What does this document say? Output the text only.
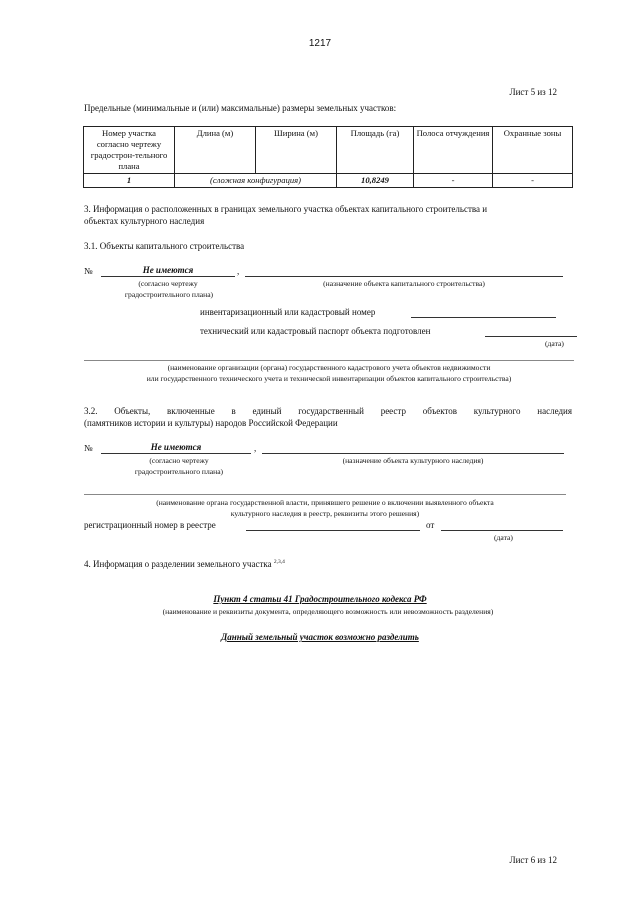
1217
Лист 5 из 12
Предельные (минимальные и (или) максимальные) размеры земельных участков:
Номер участка согласно чертежу градострон-тельного плана	Длина (м)	Ширина (м)	Площадь (га)	Полоса отчуждения	Охранные зоны
1	(сложная конфигурация)		10,8249	-	-
3. Информация о расположенных в границах земельного участка объектах капитального строительства и
объектах культурного наследия
3.1. Объекты капитального строительства
№	Не имеются	,
(согласно чертежу
градостроительного плана)
(назначение объекта капитального строительства)
инвентаризационный или кадастровый номер
технический или кадастровый паспорт объекта подготовлен
(дата)
(наименование организации (органа) государственного кадастрового учета объектов недвижимости
или государственного технического учета и технической инвентаризации объектов капитального строительства)
3.2. Объекты, включенные в единый государственный реестр объектов культурного наследия
(памятников истории и культуры) народов Российской Федерации
№	Не имеются	,
(согласно чертежу
градостроительного плана)
(назначение объекта культурного наследия)
(наименование органа государственной власти, принявшего решение о включении выявленного объекта
культурного наследия в реестр, реквизиты этого решения)
регистрационный номер в реестре	от
(дата)
4. Информация о разделении земельного участка $^{2,3,4}$
Пункт 4 статьи 41 Градостроительного кодекса РФ
(наименование и реквизиты документа, определяющего возможность или невозможность разделения)
Данный земельный участок возможно разделить
Лист 6 из 12
